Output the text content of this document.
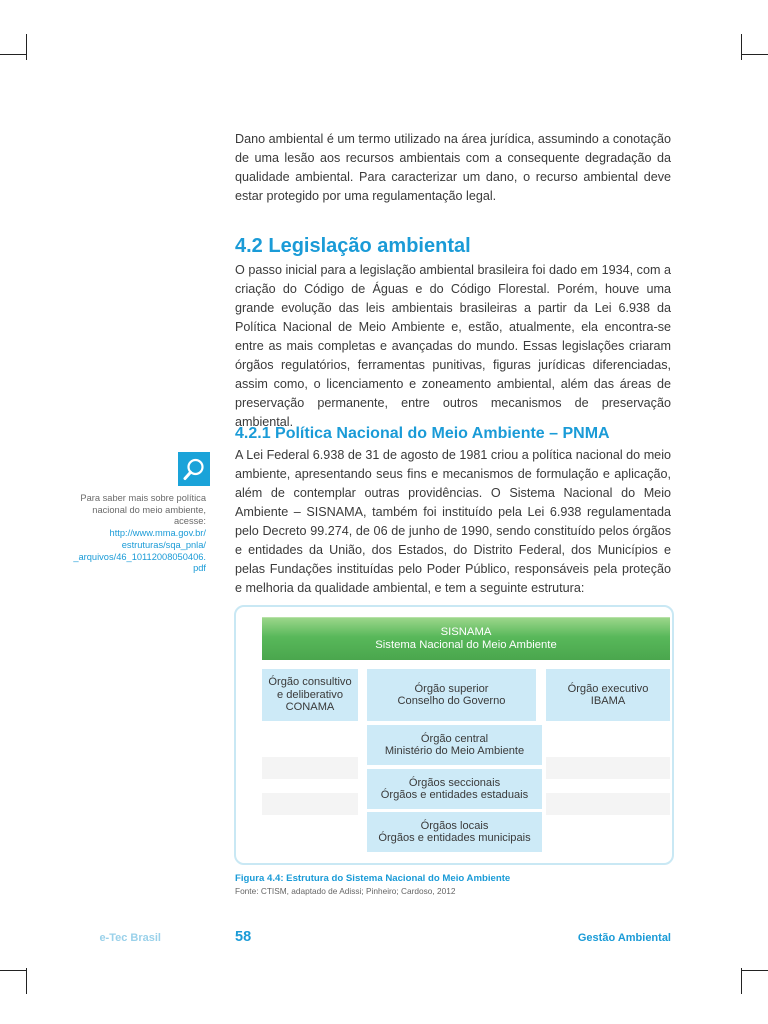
Dano ambiental é um termo utilizado na área jurídica, assumindo a conotação de uma lesão aos recursos ambientais com a consequente degradação da qualidade ambiental. Para caracterizar um dano, o recurso ambiental deve estar protegido por uma regulamentação legal.

4.2 Legislação ambiental

O passo inicial para a legislação ambiental brasileira foi dado em 1934, com a criação do Código de Águas e do Código Florestal. Porém, houve uma grande evolução das leis ambientais brasileiras a partir da Lei 6.938 da Política Nacional de Meio Ambiente e, estão, atualmente, ela encontra-se entre as mais completas e avançadas do mundo. Essas legislações criaram órgãos regulatórios, ferramentas punitivas, figuras jurídicas diferenciadas, assim como, o licenciamento e zoneamento ambiental, além das áreas de preservação permanente, entre outros mecanismos de preservação ambiental.

4.2.1 Política Nacional do Meio Ambiente – PNMA

A Lei Federal 6.938 de 31 de agosto de 1981 criou a política nacional do meio ambiente, apresentando seus fins e mecanismos de formulação e aplicação, além de contemplar outras providências. O Sistema Nacional do Meio Ambiente – SISNAMA, também foi instituído pela Lei 6.938 regulamentada pelo Decreto 99.274, de 06 de junho de 1990, sendo constituído pelos órgãos e entidades da União, dos Estados, do Distrito Federal, dos Municípios e pelas Fundações instituídas pelo Poder Público, responsáveis pela proteção e melhoria da qualidade ambiental, e tem a seguinte estrutura:

Para saber mais sobre política
nacional do meio ambiente,
acesse:
http://www.mma.gov.br/
estruturas/sqa_pnla/
_arquivos/46_10112008050406.
pdf
SISNAMA
Sistema Nacional do Meio Ambiente
Órgão consultivo
e deliberativo
CONAMA
Órgão superior
Conselho do Governo
Órgão executivo
IBAMA
Órgão central
Ministério do Meio Ambiente
Órgãos seccionais
Órgãos e entidades estaduais
Órgãos locais
Órgãos e entidades municipais
Figura 4.4: Estrutura do Sistema Nacional do Meio Ambiente
Fonte: CTISM, adaptado de Adissi; Pinheiro; Cardoso, 2012
e-Tec Brasil	58	Gestão Ambiental
